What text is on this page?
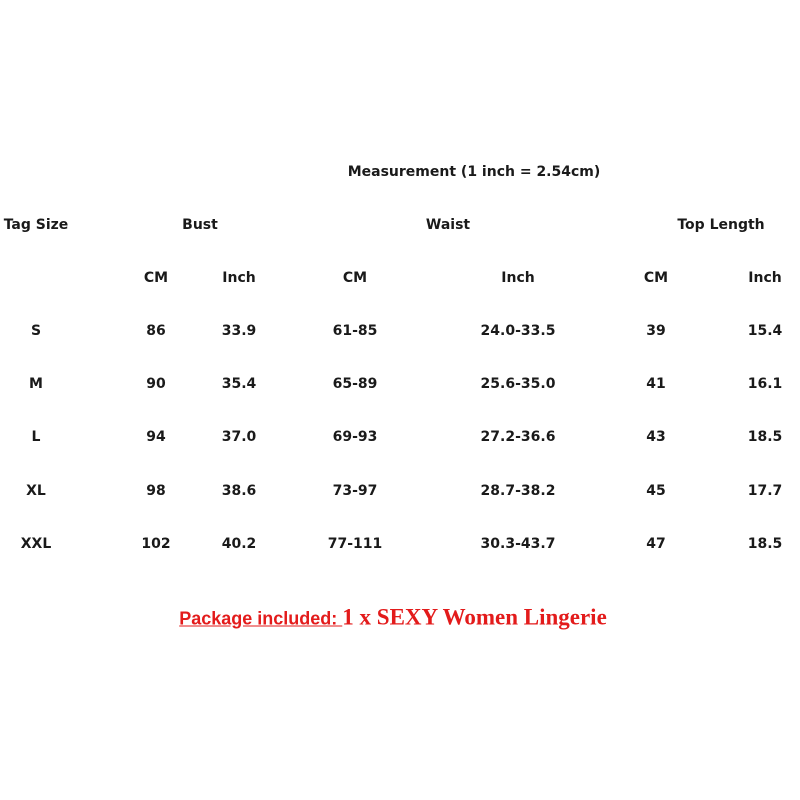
Measurement (1 inch = 2.54cm)
Tag Size	Bust	Waist	Top Length
CM	Inch	CM	Inch	CM	Inch
S	86	33.9	61-85	24.0-33.5	39	15.4
M	90	35.4	65-89	25.6-35.0	41	16.1
L	94	37.0	69-93	27.2-36.6	43	18.5
XL	98	38.6	73-97	28.7-38.2	45	17.7
XXL	102	40.2	77-111	30.3-43.7	47	18.5
Package included: 1 x SEXY Women Lingerie
